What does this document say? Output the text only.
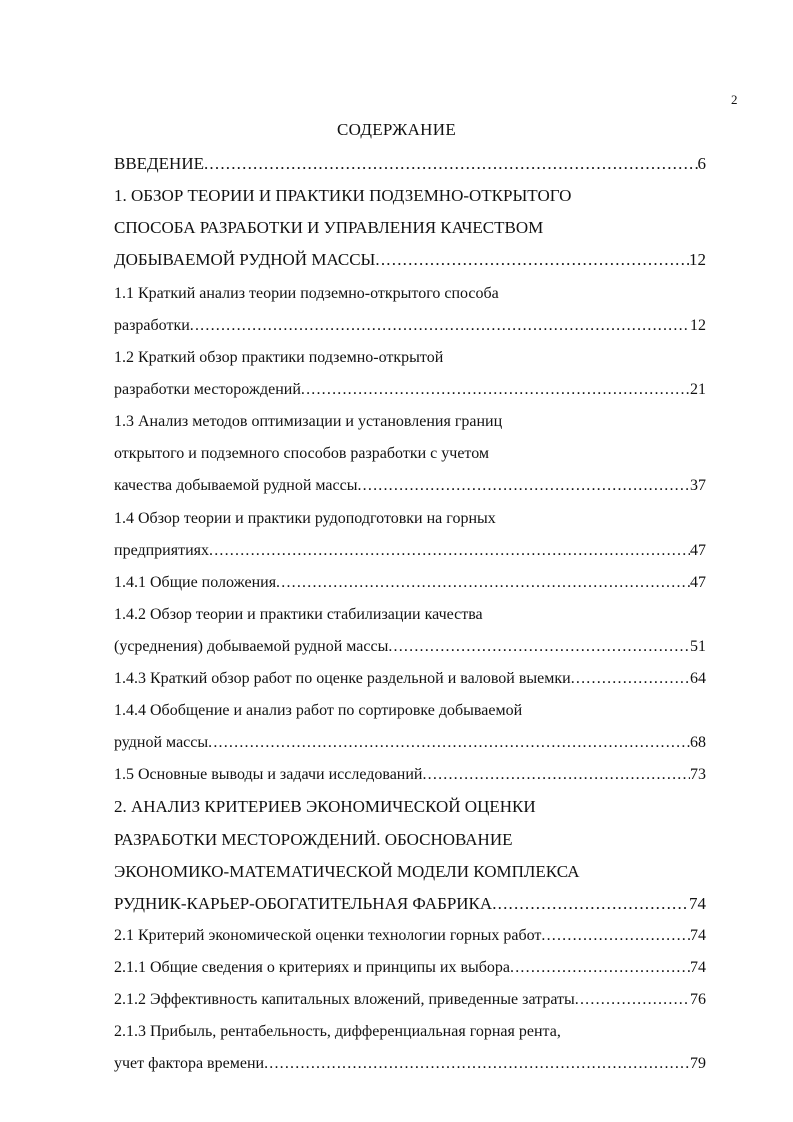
2
СОДЕРЖАНИЕ
ВВЕДЕНИЕ .....	6
1. ОБЗОР ТЕОРИИ И ПРАКТИКИ ПОДЗЕМНО-ОТКРЫТОГО
СПОСОБА РАЗРАБОТКИ И УПРАВЛЕНИЯ КАЧЕСТВОМ
ДОБЫВАЕМОЙ РУДНОЙ МАССЫ .....	12
1.1 Краткий анализ теории подземно-открытого способа
разработки .....	12
1.2 Краткий обзор практики подземно-открытой
разработки месторождений .....	21
1.3 Анализ методов оптимизации и установления границ
открытого и подземного способов разработки с учетом
качества добываемой рудной массы .....	37
1.4 Обзор теории и практики рудоподготовки на горных
предприятиях .....	47
1.4.1 Общие положения .....	47
1.4.2 Обзор теории и практики стабилизации качества
(усреднения) добываемой рудной массы .....	51
1.4.3 Краткий обзор работ по оценке раздельной и валовой выемки .....	64
1.4.4 Обобщение и анализ работ по сортировке добываемой
рудной массы .....	68
1.5 Основные выводы и задачи исследований .....	73
2. АНАЛИЗ КРИТЕРИЕВ ЭКОНОМИЧЕСКОЙ ОЦЕНКИ
РАЗРАБОТКИ МЕСТОРОЖДЕНИЙ. ОБОСНОВАНИЕ
ЭКОНОМИКО-МАТЕМАТИЧЕСКОЙ МОДЕЛИ КОМПЛЕКСА
РУДНИК-КАРЬЕР-ОБОГАТИТЕЛЬНАЯ ФАБРИКА .....	74
2.1 Критерий экономической оценки технологии горных работ .....	74
2.1.1 Общие сведения о критериях и принципы их выбора .....	74
2.1.2 Эффективность капитальных вложений, приведенные затраты .....	76
2.1.3 Прибыль, рентабельность, дифференциальная горная рента,
учет фактора времени .....	79
